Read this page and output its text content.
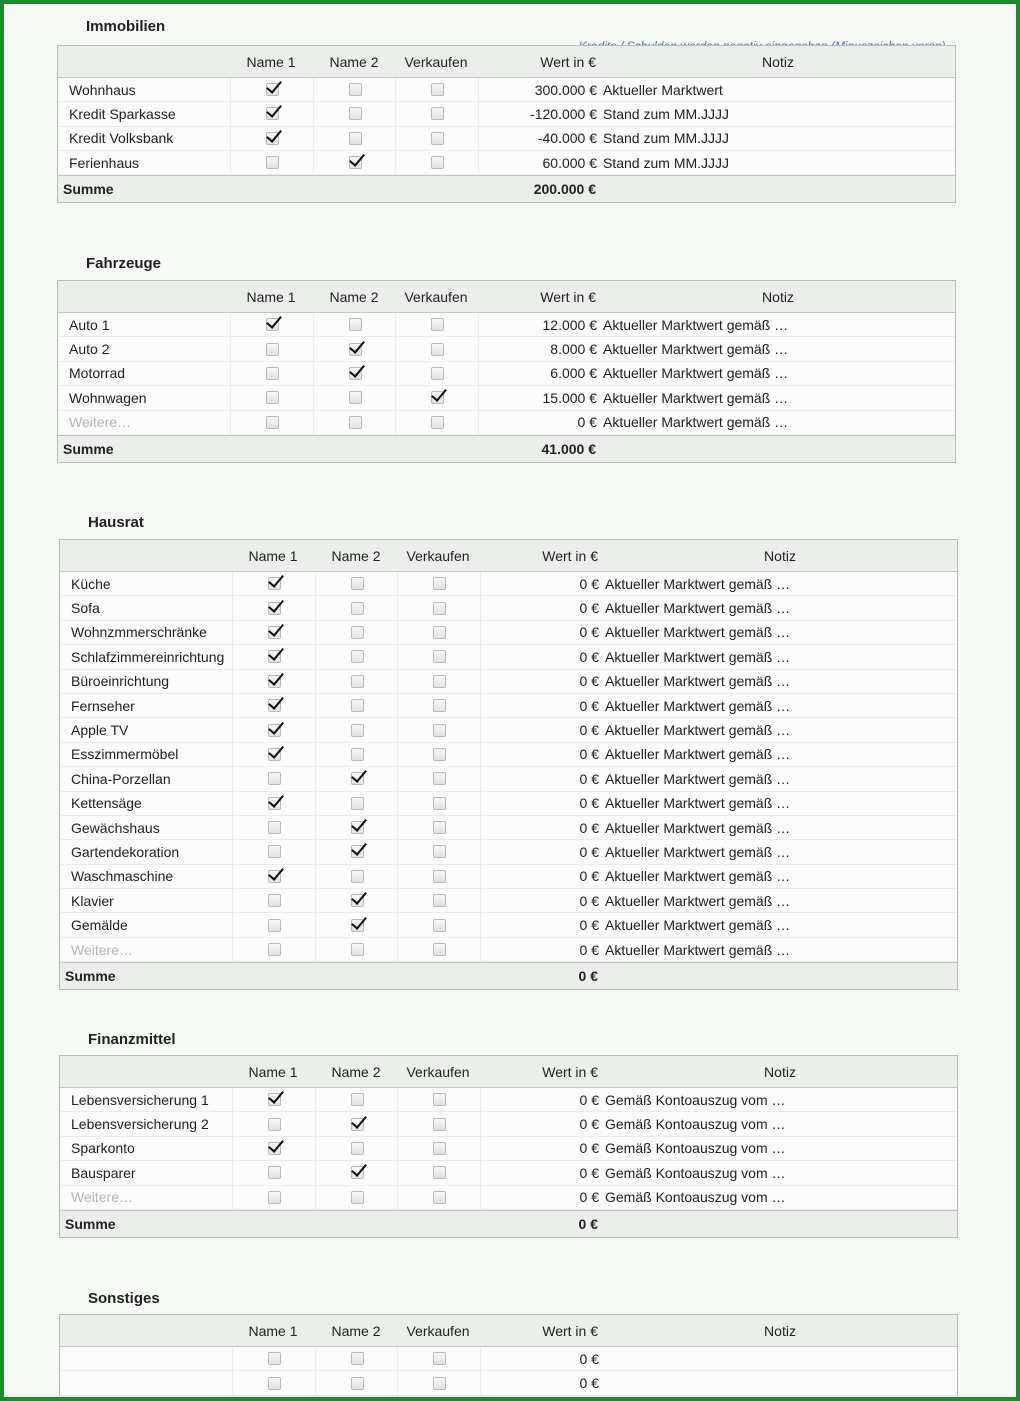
Immobilien
Name 1	Name 2	Verkaufen	Wert in €	Notiz
Wohnhaus	300.000 € Aktueller Marktwert
Kredit Sparkasse	-120.000 € Stand zum MM.JJJJ
Kredit Volksbank	-40.000 € Stand zum MM.JJJJ
Ferienhaus	60.000 € Stand zum MM.JJJJ
Summe	200.000 €
Fahrzeuge
Name 1	Name 2	Verkaufen	Wert in €	Notiz
Auto 1	12.000 € Aktueller Marktwert gemäß …
Auto 2	8.000 € Aktueller Marktwert gemäß …
Motorrad	6.000 € Aktueller Marktwert gemäß …
Wohnwagen	15.000 € Aktueller Marktwert gemäß …
Weitere…	0 € Aktueller Marktwert gemäß …
Summe	41.000 €
Hausrat
Name 1	Name 2	Verkaufen	Wert in €	Notiz
Küche	0 € Aktueller Marktwert gemäß …
Sofa	0 € Aktueller Marktwert gemäß …
Wohnzmmerschränke	0 € Aktueller Marktwert gemäß …
Schlafzimmereinrichtung	0 € Aktueller Marktwert gemäß …
Büroeinrichtung	0 € Aktueller Marktwert gemäß …
Fernseher	0 € Aktueller Marktwert gemäß …
Apple TV	0 € Aktueller Marktwert gemäß …
Esszimmermöbel	0 € Aktueller Marktwert gemäß …
China-Porzellan	0 € Aktueller Marktwert gemäß …
Kettensäge	0 € Aktueller Marktwert gemäß …
Gewächshaus	0 € Aktueller Marktwert gemäß …
Gartendekoration	0 € Aktueller Marktwert gemäß …
Waschmaschine	0 € Aktueller Marktwert gemäß …
Klavier	0 € Aktueller Marktwert gemäß …
Gemälde	0 € Aktueller Marktwert gemäß …
Weitere…	0 € Aktueller Marktwert gemäß …
Summe	0 €
Finanzmittel
Name 1	Name 2	Verkaufen	Wert in €	Notiz
Lebensversicherung 1	0 € Gemäß Kontoauszug vom …
Lebensversicherung 2	0 € Gemäß Kontoauszug vom …
Sparkonto	0 € Gemäß Kontoauszug vom …
Bausparer	0 € Gemäß Kontoauszug vom …
Weitere…	0 € Gemäß Kontoauszug vom …
Summe	0 €
Sonstiges
Name 1	Name 2	Verkaufen	Wert in €	Notiz
0 €
0 €
